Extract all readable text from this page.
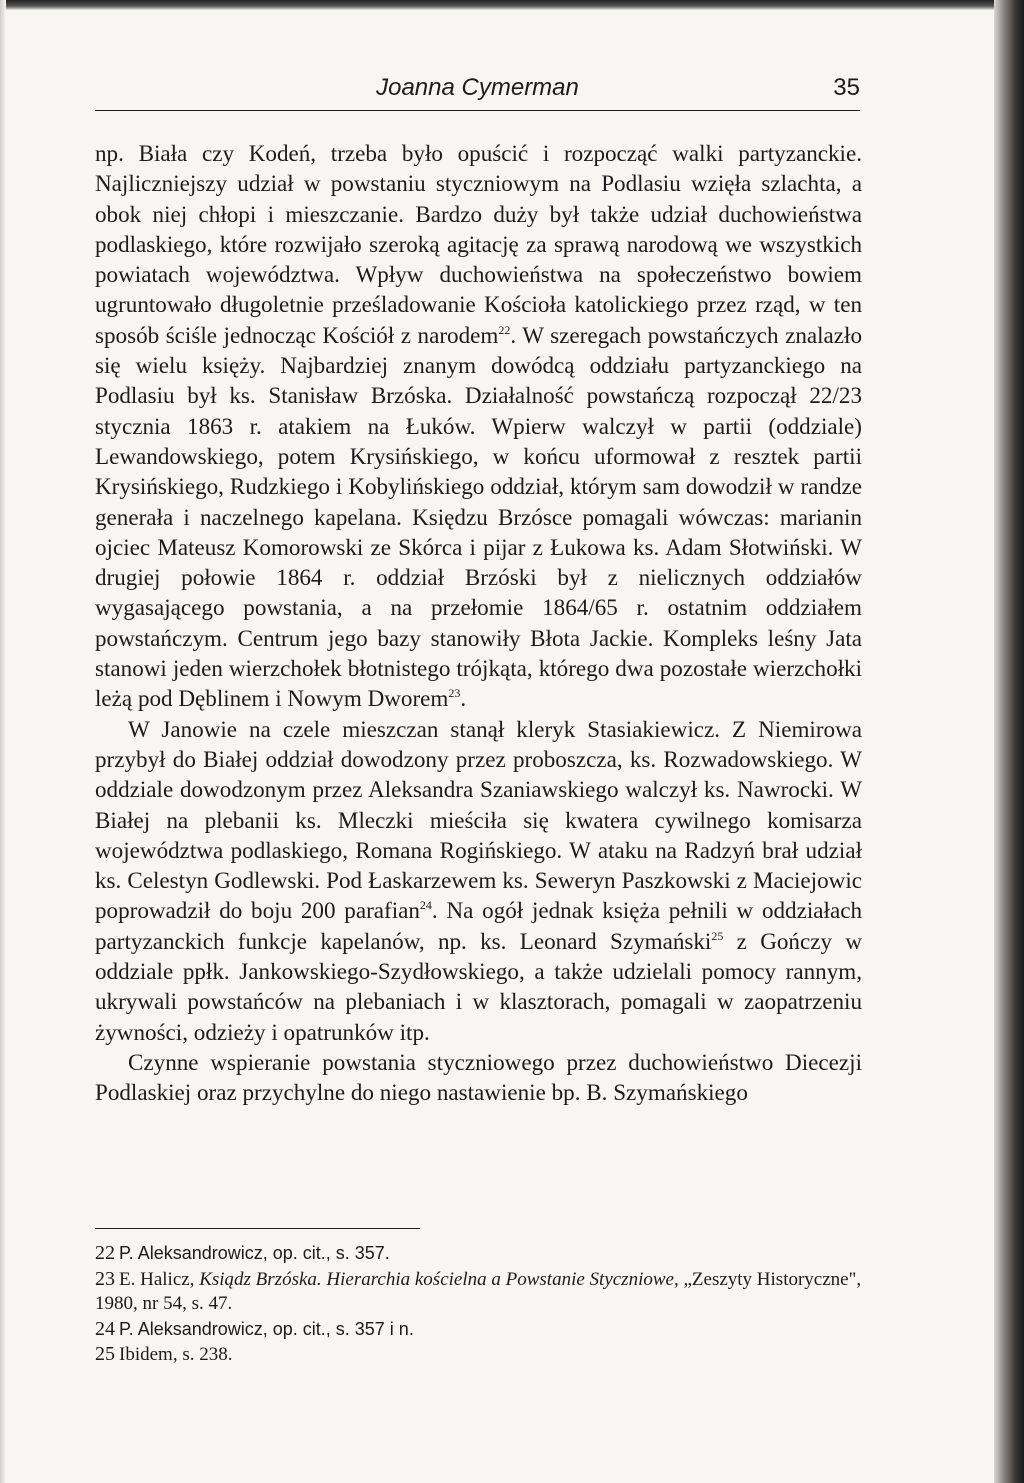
Joanna Cymerman	35

np. Biała czy Kodeń, trzeba było opuścić i rozpocząć walki partyzanckie. Najliczniejszy udział w powstaniu styczniowym na Podlasiu wzięła szlachta, a obok niej chłopi i mieszczanie. Bardzo duży był także udział duchowieństwa podlaskiego, które rozwijało szeroką agitację za sprawą narodową we wszystkich powiatach województwa. Wpływ duchowieństwa na społeczeństwo bowiem ugruntowało długoletnie prześladowanie Kościoła katolickiego przez rząd, w ten sposób ściśle jednocząc Kościół z narodem$^{22}$. W szeregach powstańczych znalazło się wielu księży. Najbardziej znanym dowódcą oddziału partyzanckiego na Podlasiu był ks. Stanisław Brzóska. Działalność powstańczą rozpoczął 22/23 stycznia 1863 r. atakiem na Łuków. Wpierw walczył w partii (oddziale) Lewandowskiego, potem Krysińskiego, w końcu uformował z resztek partii Krysińskiego, Rudzkiego i Kobylińskiego oddział, którym sam dowodził w randze generała i naczelnego kapelana. Księdzu Brzósce pomagali wówczas: marianin ojciec Mateusz Komorowski ze Skórca i pijar z Łukowa ks. Adam Słotwiński. W drugiej połowie 1864 r. oddział Brzóski był z nielicznych oddziałów wygasającego powstania, a na przełomie 1864/65 r. ostatnim oddziałem powstańczym. Centrum jego bazy stanowiły Błota Jackie. Kompleks leśny Jata stanowi jeden wierzchołek błotnistego trójkąta, którego dwa pozostałe wierzchołki leżą pod Dęblinem i Nowym Dworem$^{23}$.

W Janowie na czele mieszczan stanął kleryk Stasiakiewicz. Z Niemirowa przybył do Białej oddział dowodzony przez proboszcza, ks. Rozwadowskiego. W oddziale dowodzonym przez Aleksandra Szaniawskiego walczył ks. Nawrocki. W Białej na plebanii ks. Mleczki mieściła się kwatera cywilnego komisarza województwa podlaskiego, Romana Rogińskiego. W ataku na Radzyń brał udział ks. Celestyn Godlewski. Pod Łaskarzewem ks. Seweryn Paszkowski z Maciejowic poprowadził do boju 200 parafian$^{24}$. Na ogół jednak księża pełnili w oddziałach partyzanckich funkcje kapelanów, np. ks. Leonard Szymański$^{25}$ z Gończy w oddziale ppłk. Jankowskiego-Szydłowskiego, a także udzielali pomocy rannym, ukrywali powstańców na plebaniach i w klasztorach, pomagali w zaopatrzeniu żywności, odzieży i opatrunków itp.

Czynne wspieranie powstania styczniowego przez duchowieństwo Diecezji Podlaskiej oraz przychylne do niego nastawienie bp. B. Szymańskiego

22 P. Aleksandrowicz, op. cit., s. 357.

23 E. Halicz, Ksiądz Brzóska. Hierarchia kościelna a Powstanie Styczniowe, „Zeszyty Historyczne", 1980, nr 54, s. 47.

24 P. Aleksandrowicz, op. cit., s. 357 i n.

25 Ibidem, s. 238.
